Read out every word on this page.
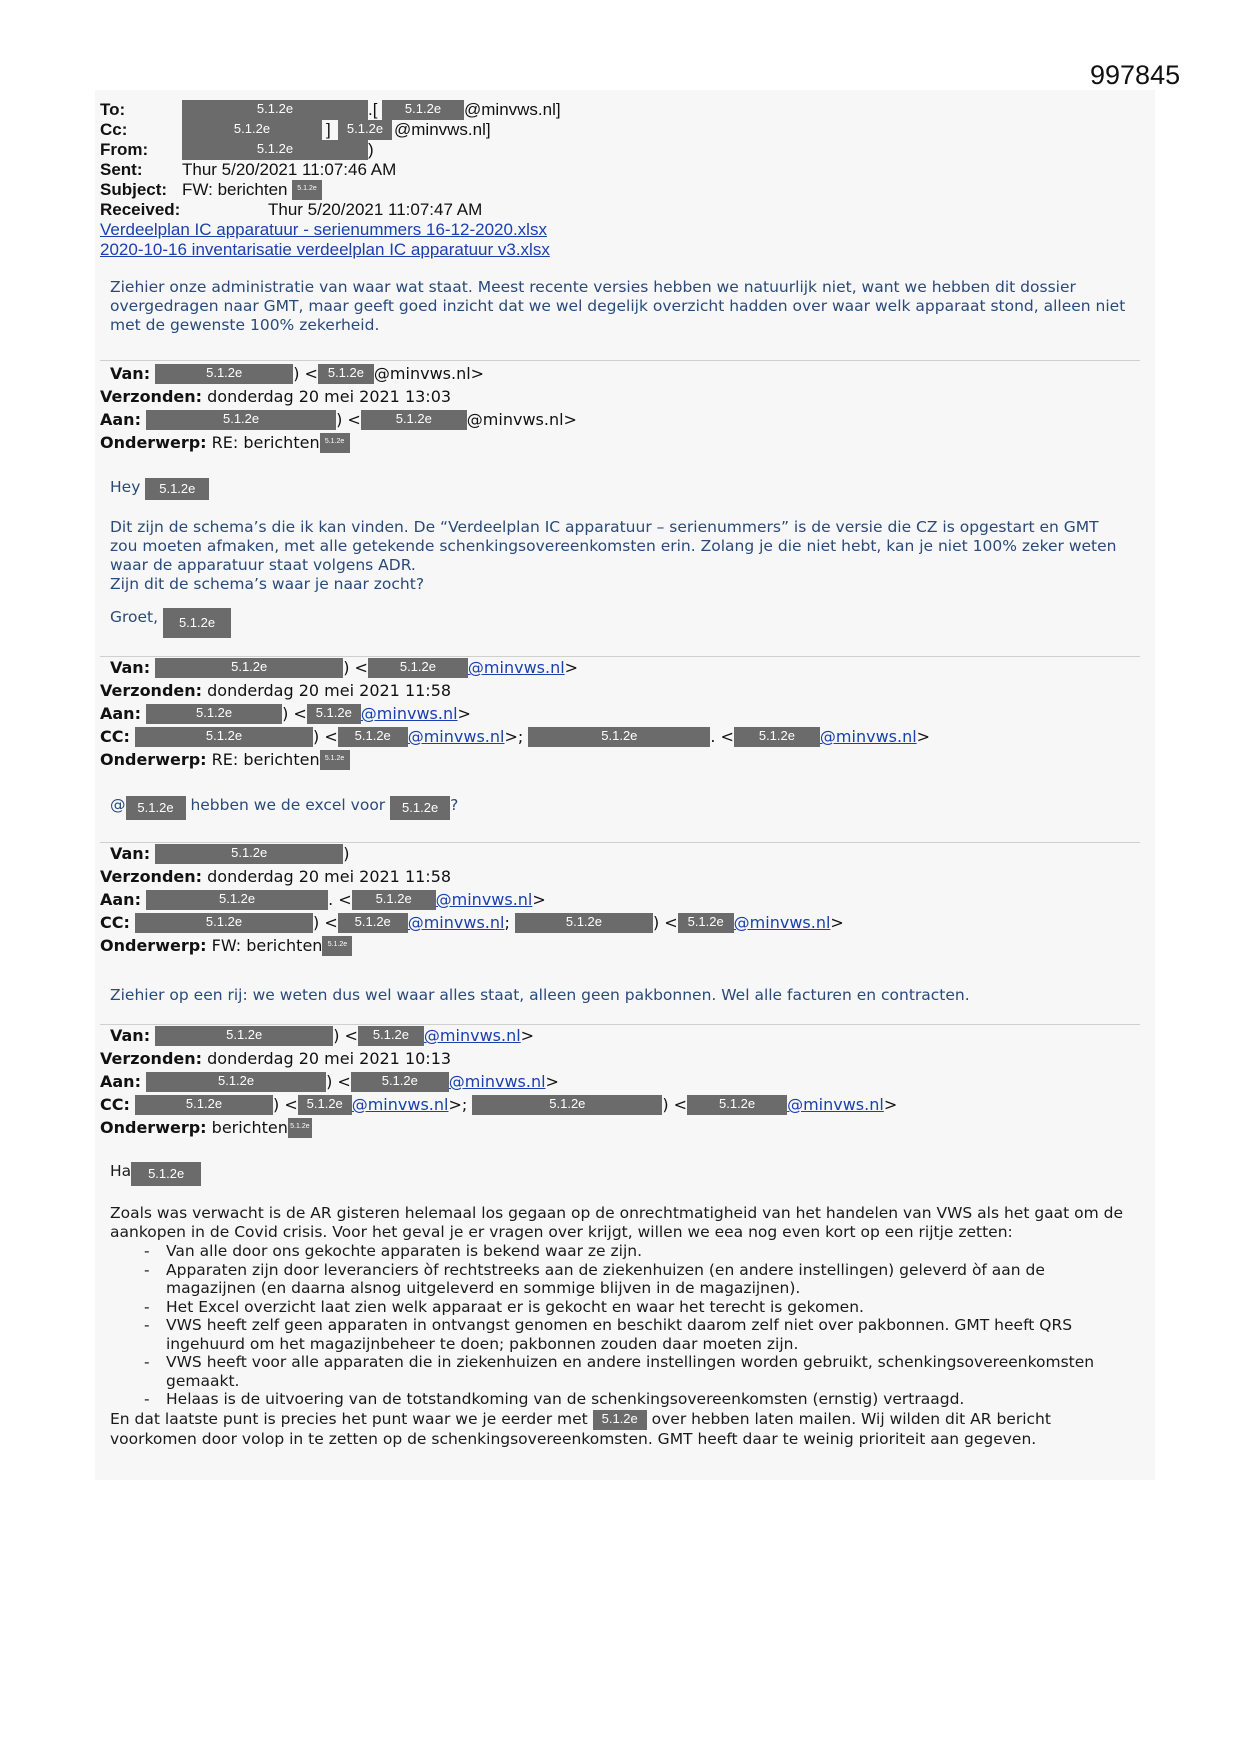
997845
To:	5.1.2e	.[	5.1.2e	@minvws.nl]
Cc:	5.1.2e	]	5.1.2e @minvws.nl]
From:	5.1.2e	)
Sent: Thur 5/20/2021 11:07:46 AM
Subject: FW: berichten	5.1.2e
Received:	Thur 5/20/2021 11:07:47 AM
Verdeelplan IC apparatuur - serienummers 16-12-2020.xlsx
2020-10-16 inventarisatie verdeelplan IC apparatuur v3.xlsx
Ziehier onze administratie van waar wat staat. Meest recente versies hebben we natuurlijk niet, want we hebben dit dossier overgedragen naar GMT, maar geeft goed inzicht dat we wel degelijk overzicht hadden over waar welk apparaat stond, alleen niet met de gewenste 100% zekerheid.
Van:	5.1.2e	) < 5.1.2e @minvws.nl>
Verzonden: donderdag 20 mei 2021 13:03
Aan:	5.1.2e	) <	5.1.2e @minvws.nl>
Onderwerp: RE: berichten 5.1.2e
Hey 5.1.2e
Dit zijn de schema’s die ik kan vinden. De “Verdeelplan IC apparatuur – serienummers” is de versie die CZ is opgestart en GMT zou moeten afmaken, met alle getekende schenkingsovereenkomsten erin. Zolang je die niet hebt, kan je niet 100% zeker weten waar de apparatuur staat volgens ADR.
Zijn dit de schema’s waar je naar zocht?
Groet, 5.1.2e
Van:	5.1.2e	) < 5.1.2e @minvws.nl>
Verzonden: donderdag 20 mei 2021 11:58
Aan:	5.1.2e	) < 5.1.2e @minvws.nl>
CC:	5.1.2e	) < 5.1.2e @minvws.nl>;	5.1.2e	. < 5.1.2e @minvws.nl>
Onderwerp: RE: berichten 5.1.2e
@ 5.1.2e hebben we de excel voor 5.1.2e ?
Van:	5.1.2e	)
Verzonden: donderdag 20 mei 2021 11:58
Aan:	5.1.2e	. < 5.1.2e @minvws.nl>
CC:	5.1.2e	) < 5.1.2e @minvws.nl;	5.1.2e	) < 5.1.2e @minvws.nl>
Onderwerp: FW: berichten 5.1.2e
Ziehier op een rij: we weten dus wel waar alles staat, alleen geen pakbonnen. Wel alle facturen en contracten.
Van:	5.1.2e	) < 5.1.2e @minvws.nl>
Verzonden: donderdag 20 mei 2021 10:13
Aan:	5.1.2e	) < 5.1.2e @minvws.nl>
CC:	5.1.2e	) < 5.1.2e @minvws.nl>;	5.1.2e	) < 5.1.2e @minvws.nl>
Onderwerp: berichten 5.1.2e
Ha 5.1.2e
Zoals was verwacht is de AR gisteren helemaal los gegaan op de onrechtmatigheid van het handelen van VWS als het gaat om de aankopen in de Covid crisis. Voor het geval je er vragen over krijgt, willen we eea nog even kort op een rijtje zetten:
- Van alle door ons gekochte apparaten is bekend waar ze zijn.
- Apparaten zijn door leveranciers òf rechtstreeks aan de ziekenhuizen (en andere instellingen) geleverd òf aan de magazijnen (en daarna alsnog uitgeleverd en sommige blijven in de magazijnen).
- Het Excel overzicht laat zien welk apparaat er is gekocht en waar het terecht is gekomen.
- VWS heeft zelf geen apparaten in ontvangst genomen en beschikt daarom zelf niet over pakbonnen. GMT heeft QRS ingehuurd om het magazijnbeheer te doen; pakbonnen zouden daar moeten zijn.
- VWS heeft voor alle apparaten die in ziekenhuizen en andere instellingen worden gebruikt, schenkingsovereenkomsten gemaakt.
- Helaas is de uitvoering van de totstandkoming van de schenkingsovereenkomsten (ernstig) vertraagd.
En dat laatste punt is precies het punt waar we je eerder met 5.1.2e over hebben laten mailen. Wij wilden dit AR bericht voorkomen door volop in te zetten op de schenkingsovereenkomsten. GMT heeft daar te weinig prioriteit aan gegeven.
